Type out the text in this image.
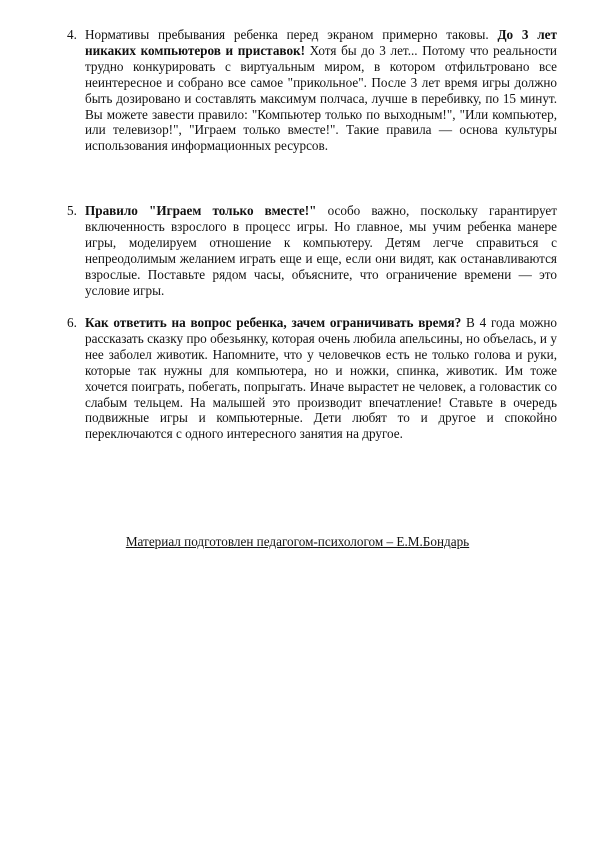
4. Нормативы пребывания ребенка перед экраном примерно таковы. До 3 лет никаких компьютеров и приставок! Хотя бы до 3 лет... Потому что реальности трудно конкурировать с виртуальным миром, в котором отфильтровано все неинтересное и собрано все самое "прикольное". После 3 лет время игры должно быть дозировано и составлять максимум полчаса, лучше в перебивку, по 15 минут. Вы можете завести правило: "Компьютер только по выходным!", "Или компьютер, или телевизор!", "Играем только вместе!". Такие правила — основа культуры использования информационных ресурсов.
5. Правило "Играем только вместе!" особо важно, поскольку гарантирует включенность взрослого в процесс игры. Но главное, мы учим ребенка манере игры, моделируем отношение к компьютеру. Детям легче справиться с непреодолимым желанием играть еще и еще, если они видят, как останавливаются взрослые. Поставьте рядом часы, объясните, что ограничение времени — это условие игры.
6. Как ответить на вопрос ребенка, зачем ограничивать время? В 4 года можно рассказать сказку про обезьянку, которая очень любила апельсины, но объелась, и у нее заболел животик. Напомните, что у человечков есть не только голова и руки, которые так нужны для компьютера, но и ножки, спинка, животик. Им тоже хочется поиграть, побегать, попрыгать. Иначе вырастет не человек, а головастик со слабым тельцем. На малышей это производит впечатление! Ставьте в очередь подвижные игры и компьютерные. Дети любят то и другое и спокойно переключаются с одного интересного занятия на другое.
Материал подготовлен педагогом-психологом – Е.М.Бондарь
